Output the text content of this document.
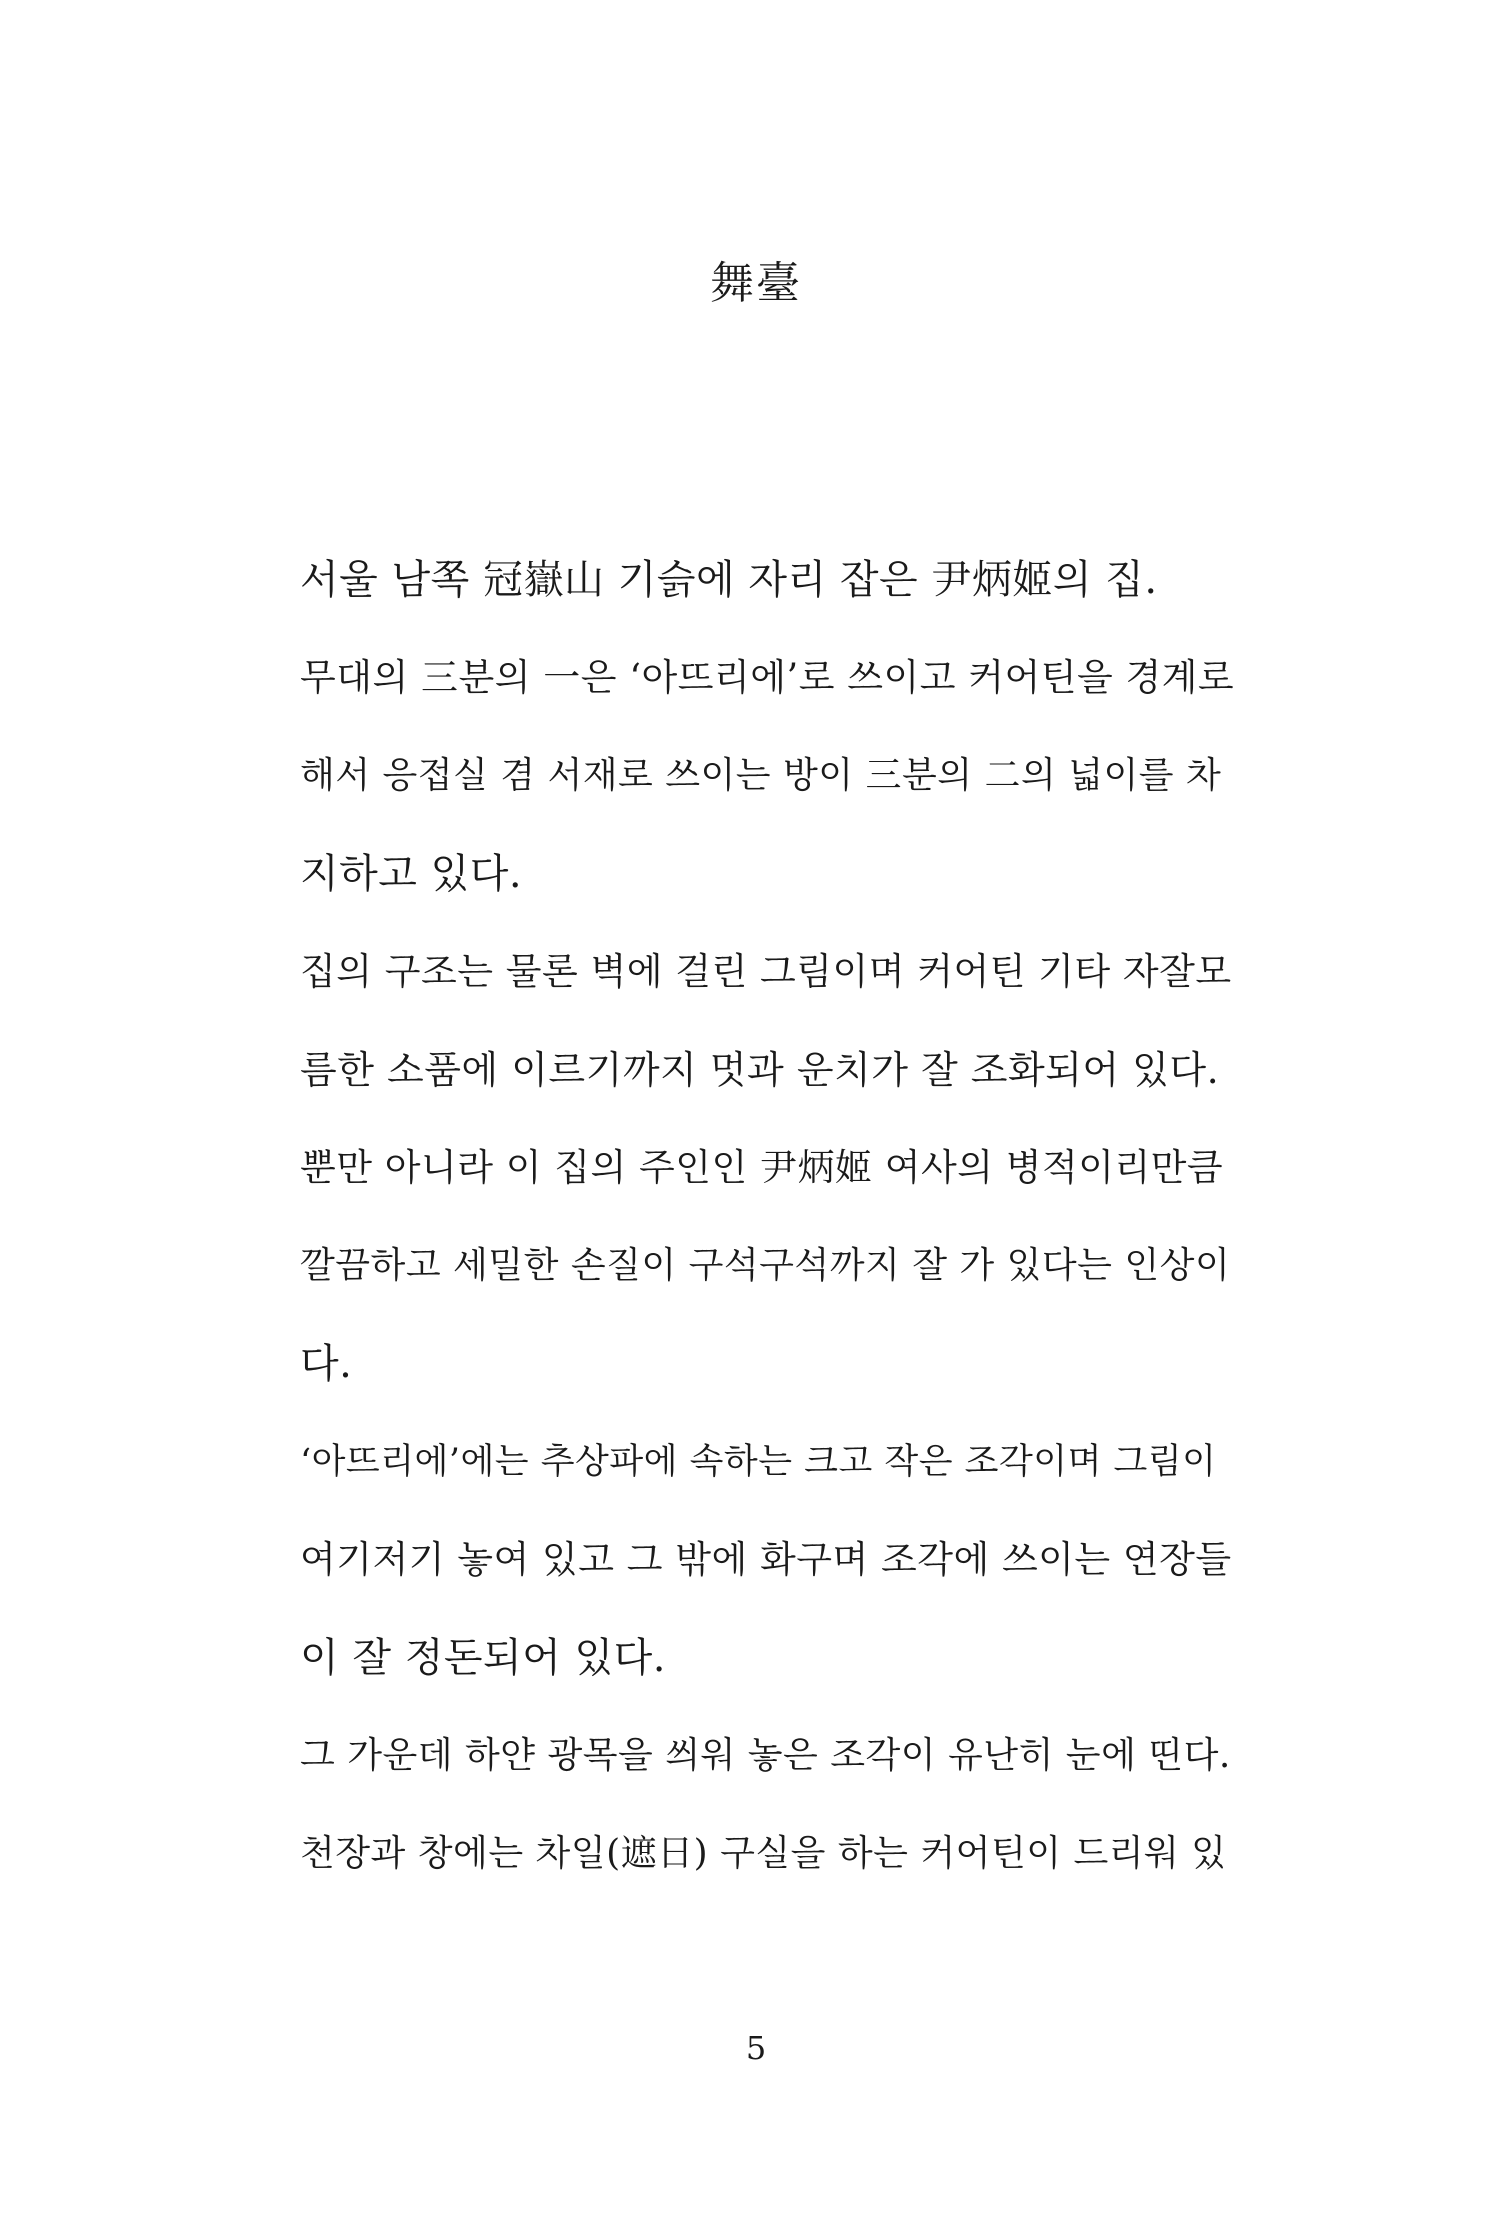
舞臺
서울 남쪽 冠嶽山 기슭에 자리 잡은 尹炳姬의 집.
무대의 三분의 一은 ‘아뜨리에’로 쓰이고 커어틴을 경계로
해서 응접실 겸 서재로 쓰이는 방이 三분의 二의 넓이를 차
지하고 있다.
집의 구조는 물론 벽에 걸린 그림이며 커어틴 기타 자잘모
름한 소품에 이르기까지 멋과 운치가 잘 조화되어 있다.
뿐만 아니라 이 집의 주인인 尹炳姬 여사의 병적이리만큼
깔끔하고 세밀한 손질이 구석구석까지 잘 가 있다는 인상이
다.
‘아뜨리에’에는 추상파에 속하는 크고 작은 조각이며 그림이
여기저기 놓여 있고 그 밖에 화구며 조각에 쓰이는 연장들
이 잘 정돈되어 있다.
그 가운데 하얀 광목을 씌워 놓은 조각이 유난히 눈에 띤다.
천장과 창에는 차일(遮日) 구실을 하는 커어틴이 드리워 있
5
